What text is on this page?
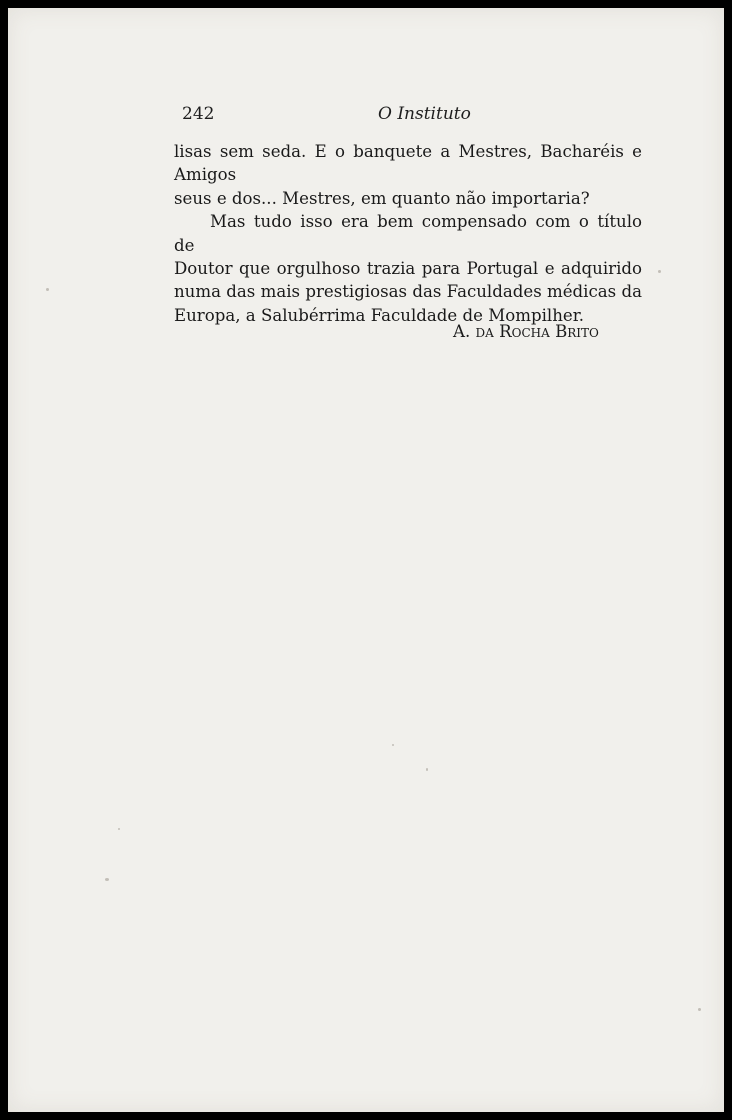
242	O Instituto
lisas sem seda. E o banquete a Mestres, Bacharéis e Amigos
seus e dos... Mestres, em quanto não importaria?
Mas tudo isso era bem compensado com o título de
Doutor que orgulhoso trazia para Portugal e adquirido
numa das mais prestigiosas das Faculdades médicas da
Europa, a Salubérrima Faculdade de Mompilher.
A. da Rocha Brito
